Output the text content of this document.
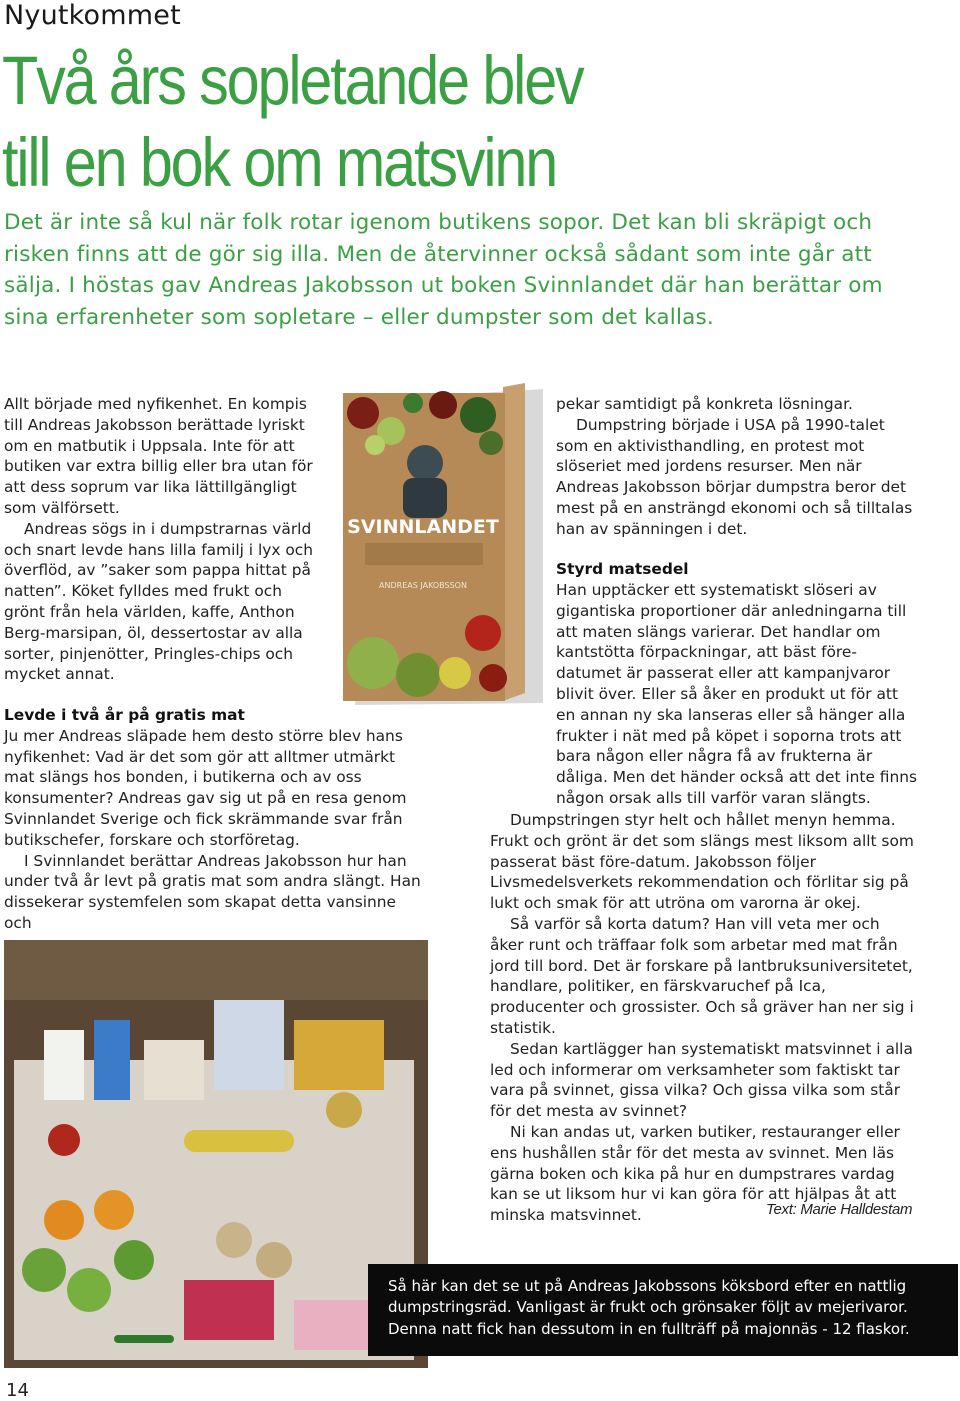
Nyutkommet
Två års sopletande blev
till en bok om matsvinn

Det är inte så kul när folk rotar igenom butikens sopor. Det kan bli skräpigt och risken finns att de gör sig illa. Men de återvinner också sådant som inte går att sälja. I höstas gav Andreas Jakobsson ut boken Svinnlandet där han berättar om sina erfarenheter som sopletare – eller dumpster som det kallas.

Allt började med nyfikenhet. En kompis till Andreas Jakobsson berättade lyriskt om en matbutik i Uppsala. Inte för att butiken var extra billig eller bra utan för att dess soprum var lika lättillgängligt som välförsett.

Andreas sögs in i dumpstrarnas värld och snart levde hans lilla familj i lyx och överflöd, av ”saker som pappa hittat på natten”. Köket fylldes med frukt och grönt från hela världen, kaffe, Anthon Berg-marsipan, öl, dessertostar av alla sorter, pinjenötter, Pringles-chips och mycket annat.

SVINNLANDET
ANDREAS JAKOBSSON
Levde i två år på gratis mat

Ju mer Andreas släpade hem desto större blev hans nyfikenhet: Vad är det som gör att alltmer utmärkt mat slängs hos bonden, i butikerna och av oss konsumenter? Andreas gav sig ut på en resa genom Svinnlandet Sverige och fick skrämmande svar från butikschefer, forskare och storföretag.

I Svinnlandet berättar Andreas Jakobsson hur han under två år levt på gratis mat som andra slängt. Han dissekerar systemfelen som skapat detta vansinne och

pekar samtidigt på konkreta lösningar.

Dumpstring började i USA på 1990-talet som en aktivisthandling, en protest mot slöseriet med jordens resurser. Men när Andreas Jakobsson börjar dumpstra beror det mest på en ansträngd ekonomi och så tilltalas han av spänningen i det.

Styrd matsedel

Han upptäcker ett systematiskt slöseri av gigantiska proportioner där anledningarna till att maten slängs varierar. Det handlar om kantstötta förpackningar, att bäst före-datumet är passerat eller att kampanjvaror blivit över. Eller så åker en produkt ut för att en annan ny ska lanseras eller så hänger alla frukter i nät med på köpet i soporna trots att bara någon eller några få av frukterna är dåliga. Men det händer också att det inte finns någon orsak alls till varför varan slängts.

Dumpstringen styr helt och hållet menyn hemma. Frukt och grönt är det som slängs mest liksom allt som passerat bäst före-datum. Jakobsson följer Livsmedelsverkets rekommendation och förlitar sig på lukt och smak för att utröna om varorna är okej.

Så varför så korta datum? Han vill veta mer och åker runt och träffaar folk som arbetar med mat från jord till bord. Det är forskare på lantbruksuniversitetet, handlare, politiker, en färskvaruchef på Ica, producenter och grossister. Och så gräver han ner sig i statistik.

Sedan kartlägger han systematiskt matsvinnet i alla led och informerar om verksamheter som faktiskt tar vara på svinnet, gissa vilka? Och gissa vilka som står för det mesta av svinnet?

Ni kan andas ut, varken butiker, restauranger eller ens hushållen står för det mesta av svinnet. Men läs gärna boken och kika på hur en dumpstrares vardag kan se ut liksom hur vi kan göra för att hjälpas åt att minska matsvinnet.	Text: Marie Halldestam
Så här kan det se ut på Andreas Jakobssons köksbord efter en nattlig dumpstringsräd. Vanligast är frukt och grönsaker följt av mejerivaror. Denna natt fick han dessutom in en fullträff på majonnäs - 12 flaskor.
14
